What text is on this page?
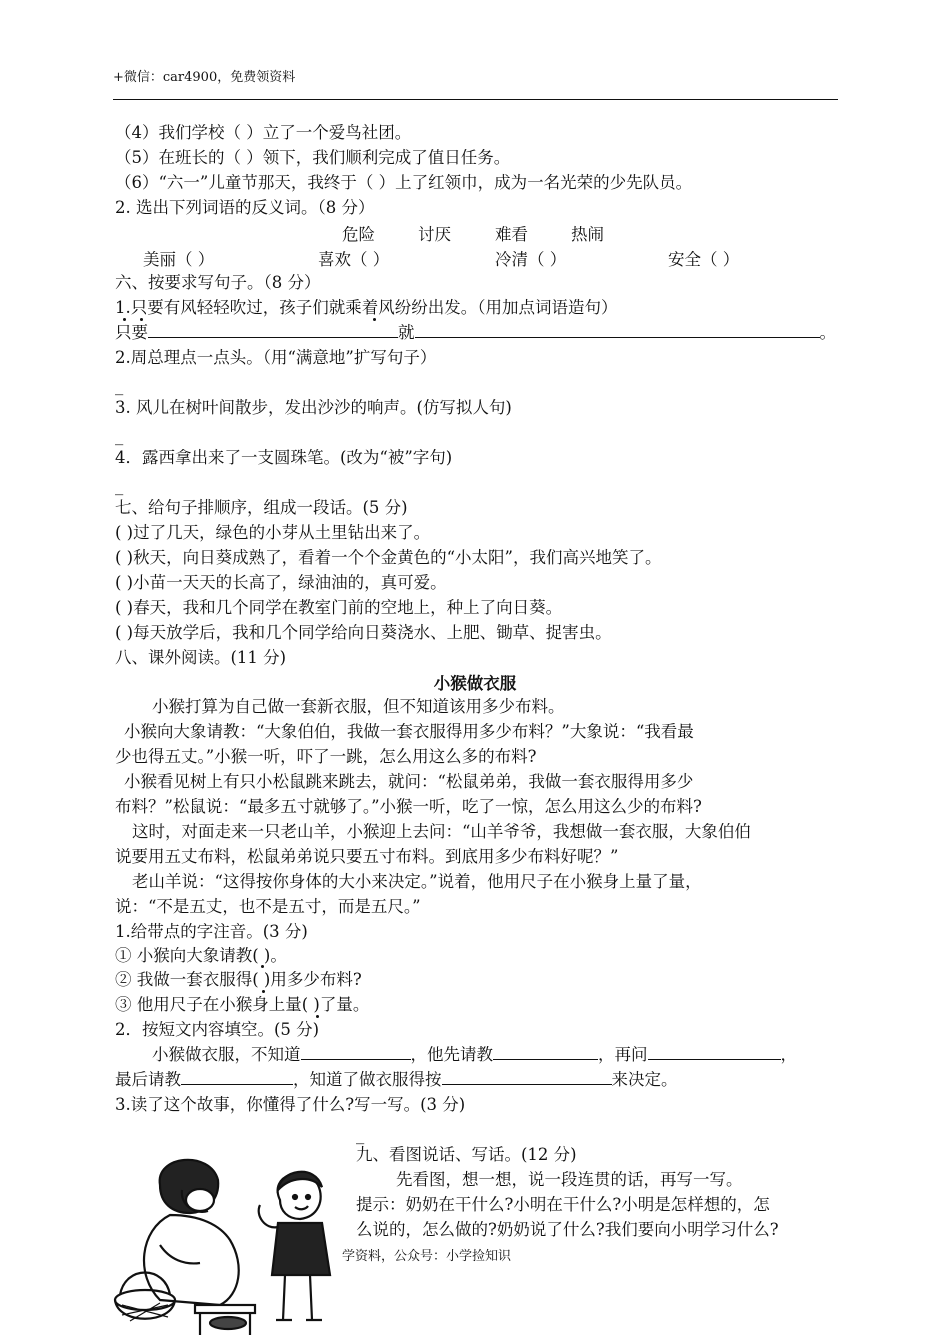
+微信：car4900，免费领资料
（4）我们学校（ ）立了一个爱鸟社团。
（5）在班长的（ ）领下，我们顺利完成了值日任务。
（6）“六一”儿童节那天，我终于（ ）上了红领巾，成为一名光荣的少先队员。
2. 选出下列词语的反义词。（8 分）
危险	讨厌	难看	热闹
美丽（ ）	喜欢（ ）	冷清（ ）	安全（ ）
六、按要求写句子。（8 分）
1.只要有风轻轻吹过，孩子们就乘着风纷纷出发。（用加点词语造句）
只要	就	。
2.周总理点一点头。（用“满意地”扩写句子）
_
3. 风儿在树叶间散步，发出沙沙的响声。(仿写拟人句)
_
4．露西拿出来了一支圆珠笔。(改为“被”字句)
_
七、给句子排顺序，组成一段话。(5 分)
( )过了几天，绿色的小芽从土里钻出来了。
( )秋天，向日葵成熟了，看着一个个金黄色的“小太阳”，我们高兴地笑了。
( )小苗一天天的长高了，绿油油的，真可爱。
( )春天，我和几个同学在教室门前的空地上，种上了向日葵。
( )每天放学后，我和几个同学给向日葵浇水、上肥、锄草、捉害虫。
八、课外阅读。(11 分)
小猴做衣服
小猴打算为自己做一套新衣服，但不知道该用多少布料。
小猴向大象请教：“大象伯伯，我做一套衣服得用多少布料？”大象说：“我看最
少也得五丈。”小猴一听，吓了一跳，怎么用这么多的布料?
小猴看见树上有只小松鼠跳来跳去，就问：“松鼠弟弟，我做一套衣服得用多少
布料？”松鼠说：“最多五寸就够了。”小猴一听，吃了一惊，怎么用这么少的布料?
这时，对面走来一只老山羊，小猴迎上去问：“山羊爷爷，我想做一套衣服，大象伯伯
说要用五丈布料，松鼠弟弟说只要五寸布料。到底用多少布料好呢？”
老山羊说：“这得按你身体的大小来决定。”说着，他用尺子在小猴身上量了量，
说：“不是五丈，也不是五寸，而是五尺。”
1.给带点的字注音。(3 分)
① 小猴向大象请教( )。
② 我做一套衣服得( )用多少布料?
③ 他用尺子在小猴身上量( )了量。
2．按短文内容填空。(5 分)
小猴做衣服，不知道	，他先请教	，再问	，
最后请教	，知道了做衣服得按	来决定。
3.读了这个故事，你懂得了什么?写一写。(3 分)
_
九、看图说话、写话。(12 分)
先看图，想一想，说一段连贯的话，再写一写。
提示：奶奶在干什么?小明在干什么?小明是怎样想的，怎
么说的，怎么做的?奶奶说了什么?我们要向小明学习什么?
学资料，公众号：小学捡知识
